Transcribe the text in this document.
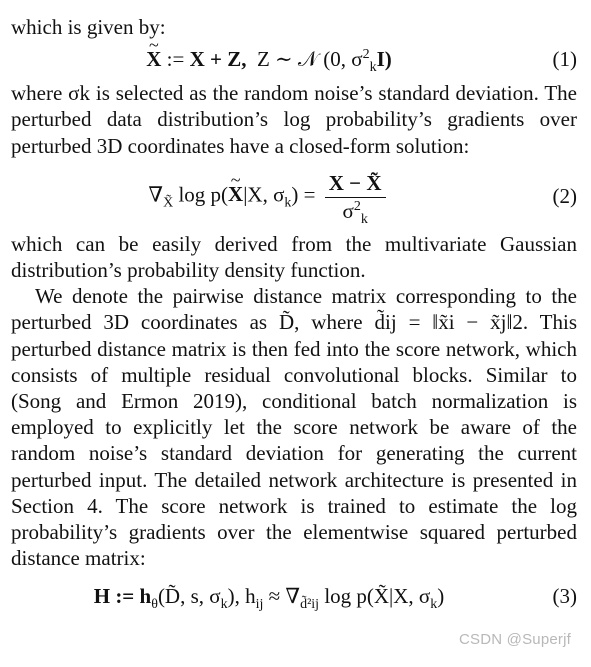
which is given by:

~ X := X + Z, Z ∼ 𝒩 (0, $\sigma^2_kI$)	(1)

where σk is selected as the random noise’s standard deviation. The perturbed data distribution’s log probability’s gradients over perturbed 3D coordinates have a closed-form solution:

$\nabla_{X̃}$ log p(~ X|X, $\sigma_k) = \frac{X - X̃}{\sigma^2_k}$	(2)

which can be easily derived from the multivariate Gaussian distribution’s probability density function.

We denote the pairwise distance matrix corresponding to the perturbed 3D coordinates as D̃, where d̃ij = ‖x̃i − x̃j‖2. This perturbed distance matrix is then fed into the score network, which consists of multiple residual convolutional blocks. Similar to (Song and Ermon 2019), conditional batch normalization is employed to explicitly let the score network be aware of the random noise’s standard deviation for generating the current perturbed input. The detailed network architecture is presented in Section 4. The score network is trained to estimate the log probability’s gradients over the elementwise squared perturbed distance matrix:

H := $h_\theta(D̃$, s, $\sigma_k$), $h_{ij} \approx \nabla_{d̃^2ij}$ log p(X̃|X, $\sigma_k$)	(3)
CSDN @Superjf
